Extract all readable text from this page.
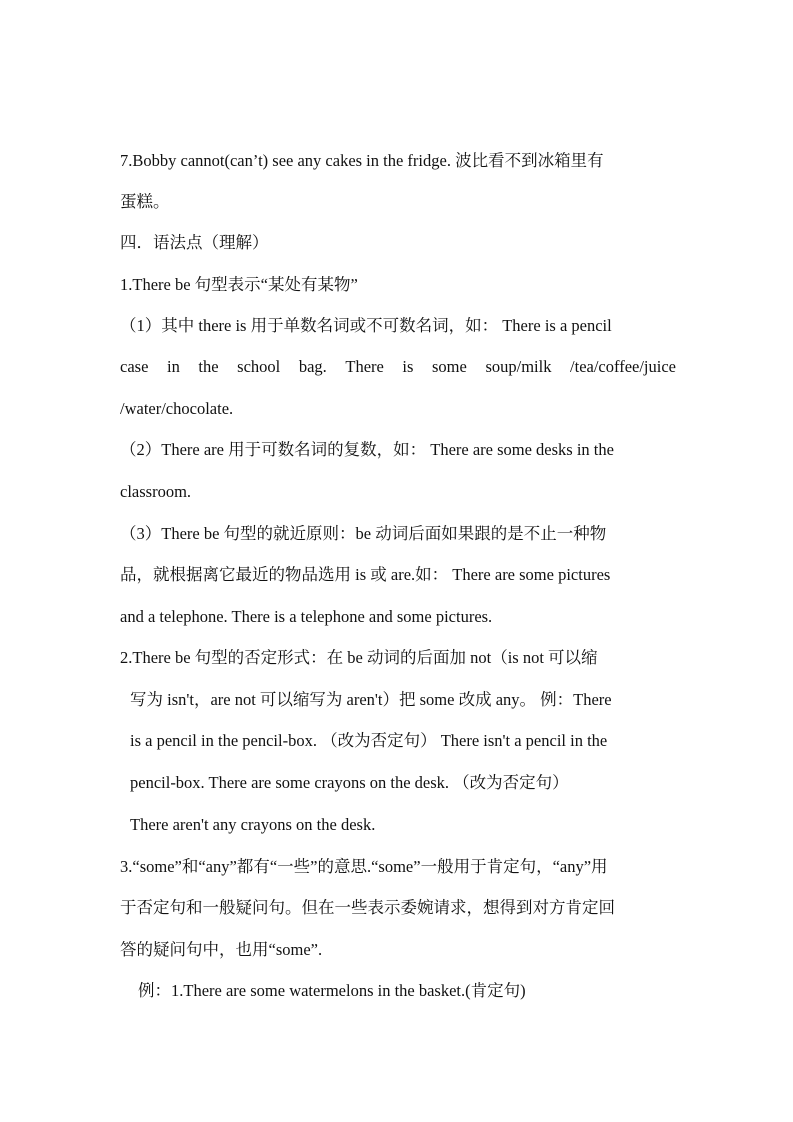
7.Bobby cannot(can’t) see any cakes in the fridge. 波比看不到冰箱里有
蛋糕。
四．语法点（理解）
1.There be 句型表示“某处有某物”
（1）其中 there is 用于单数名词或不可数名词，如： There is a pencil
case in the school bag. There is some soup/milk /tea/coffee/juice
/water/chocolate.
（2）There are 用于可数名词的复数，如： There are some desks in the
classroom.
（3）There be 句型的就近原则：be 动词后面如果跟的是不止一种物
品，就根据离它最近的物品选用 is 或 are.如： There are some pictures
and a telephone. There is a telephone and some pictures.
2.There be 句型的否定形式：在 be 动词的后面加 not（is not 可以缩
写为 isn't，are not 可以缩写为 aren't）把 some 改成 any。 例：There
is a pencil in the pencil-box. （改为否定句） There isn't a pencil in the
pencil-box. There are some crayons on the desk. （改为否定句）
There aren't any crayons on the desk.
3.“some”和“any”都有“一些”的意思.“some”一般用于肯定句，“any”用
于否定句和一般疑问句。但在一些表示委婉请求，想得到对方肯定回
答的疑问句中，也用“some”.
例：1.There are some watermelons in the basket.(肯定句)
